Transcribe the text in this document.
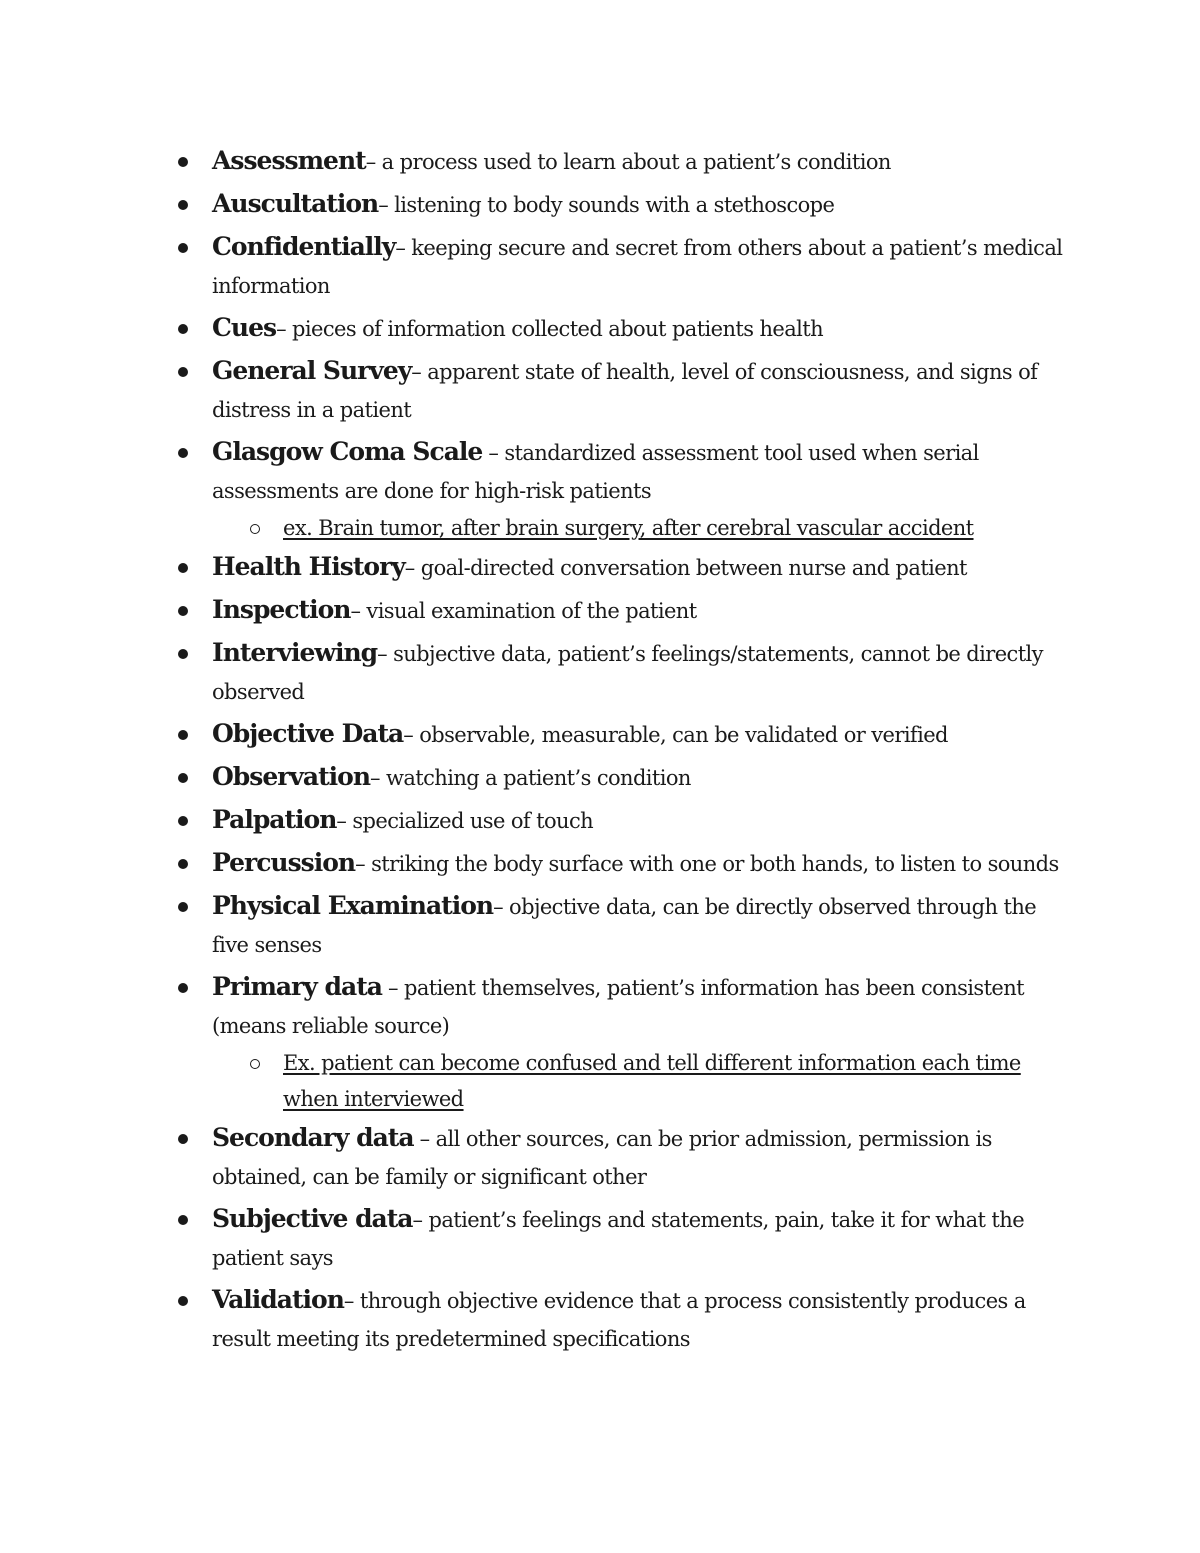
Assessment– a process used to learn about a patient’s condition
Auscultation– listening to body sounds with a stethoscope
Confidentially– keeping secure and secret from others about a patient’s medical information
Cues– pieces of information collected about patients health
General Survey– apparent state of health, level of consciousness, and signs of distress in a patient
Glasgow Coma Scale – standardized assessment tool used when serial assessments are done for high-risk patients
ex. Brain tumor, after brain surgery, after cerebral vascular accident
Health History– goal-directed conversation between nurse and patient
Inspection– visual examination of the patient
Interviewing– subjective data, patient’s feelings/statements, cannot be directly observed
Objective Data– observable, measurable, can be validated or verified
Observation– watching a patient’s condition
Palpation– specialized use of touch
Percussion– striking the body surface with one or both hands, to listen to sounds
Physical Examination– objective data, can be directly observed through the five senses
Primary data – patient themselves, patient’s information has been consistent (means reliable source)
Ex. patient can become confused and tell different information each time when interviewed
Secondary data – all other sources, can be prior admission, permission is obtained, can be family or significant other
Subjective data– patient’s feelings and statements, pain, take it for what the patient says
Validation– through objective evidence that a process consistently produces a result meeting its predetermined specifications
